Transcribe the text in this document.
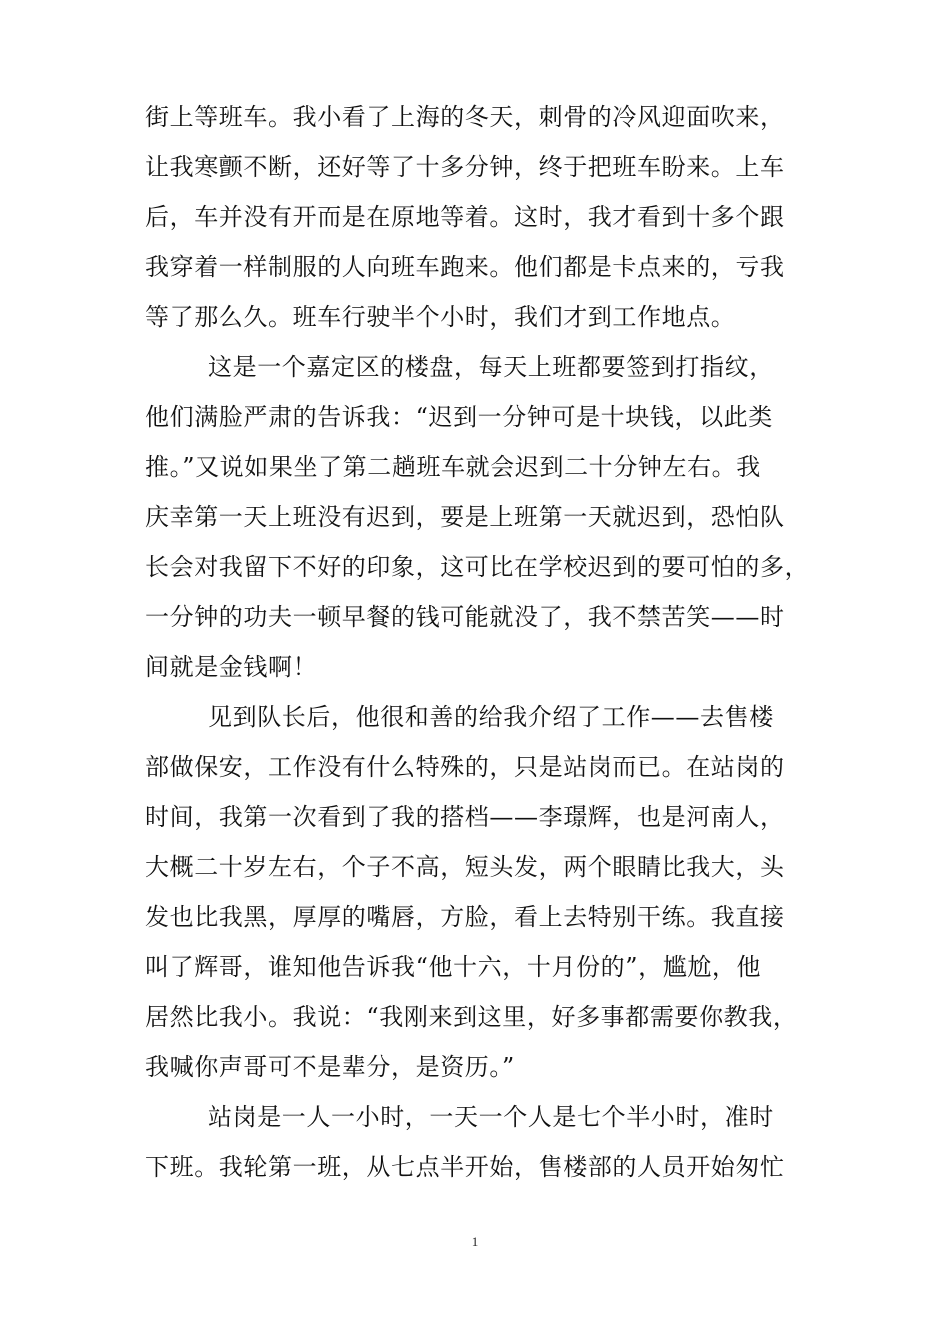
街上等班车。我小看了上海的冬天，刺骨的冷风迎面吹来，
让我寒颤不断，还好等了十多分钟，终于把班车盼来。上车
后，车并没有开而是在原地等着。这时，我才看到十多个跟
我穿着一样制服的人向班车跑来。他们都是卡点来的，亏我
等了那么久。班车行驶半个小时，我们才到工作地点。
这是一个嘉定区的楼盘，每天上班都要签到打指纹，
他们满脸严肃的告诉我：“迟到一分钟可是十块钱，以此类
推。”又说如果坐了第二趟班车就会迟到二十分钟左右。我
庆幸第一天上班没有迟到，要是上班第一天就迟到，恐怕队
长会对我留下不好的印象，这可比在学校迟到的要可怕的多，
一分钟的功夫一顿早餐的钱可能就没了，我不禁苦笑——时
间就是金钱啊！
见到队长后，他很和善的给我介绍了工作——去售楼
部做保安，工作没有什么特殊的，只是站岗而已。在站岗的
时间，我第一次看到了我的搭档——李璟辉，也是河南人，
大概二十岁左右，个子不高，短头发，两个眼睛比我大，头
发也比我黑，厚厚的嘴唇，方脸，看上去特别干练。我直接
叫了辉哥，谁知他告诉我“他十六，十月份的”，尴尬，他
居然比我小。我说：“我刚来到这里，好多事都需要你教我，
我喊你声哥可不是辈分，是资历。”
站岗是一人一小时，一天一个人是七个半小时，准时
下班。我轮第一班，从七点半开始，售楼部的人员开始匆忙
1
